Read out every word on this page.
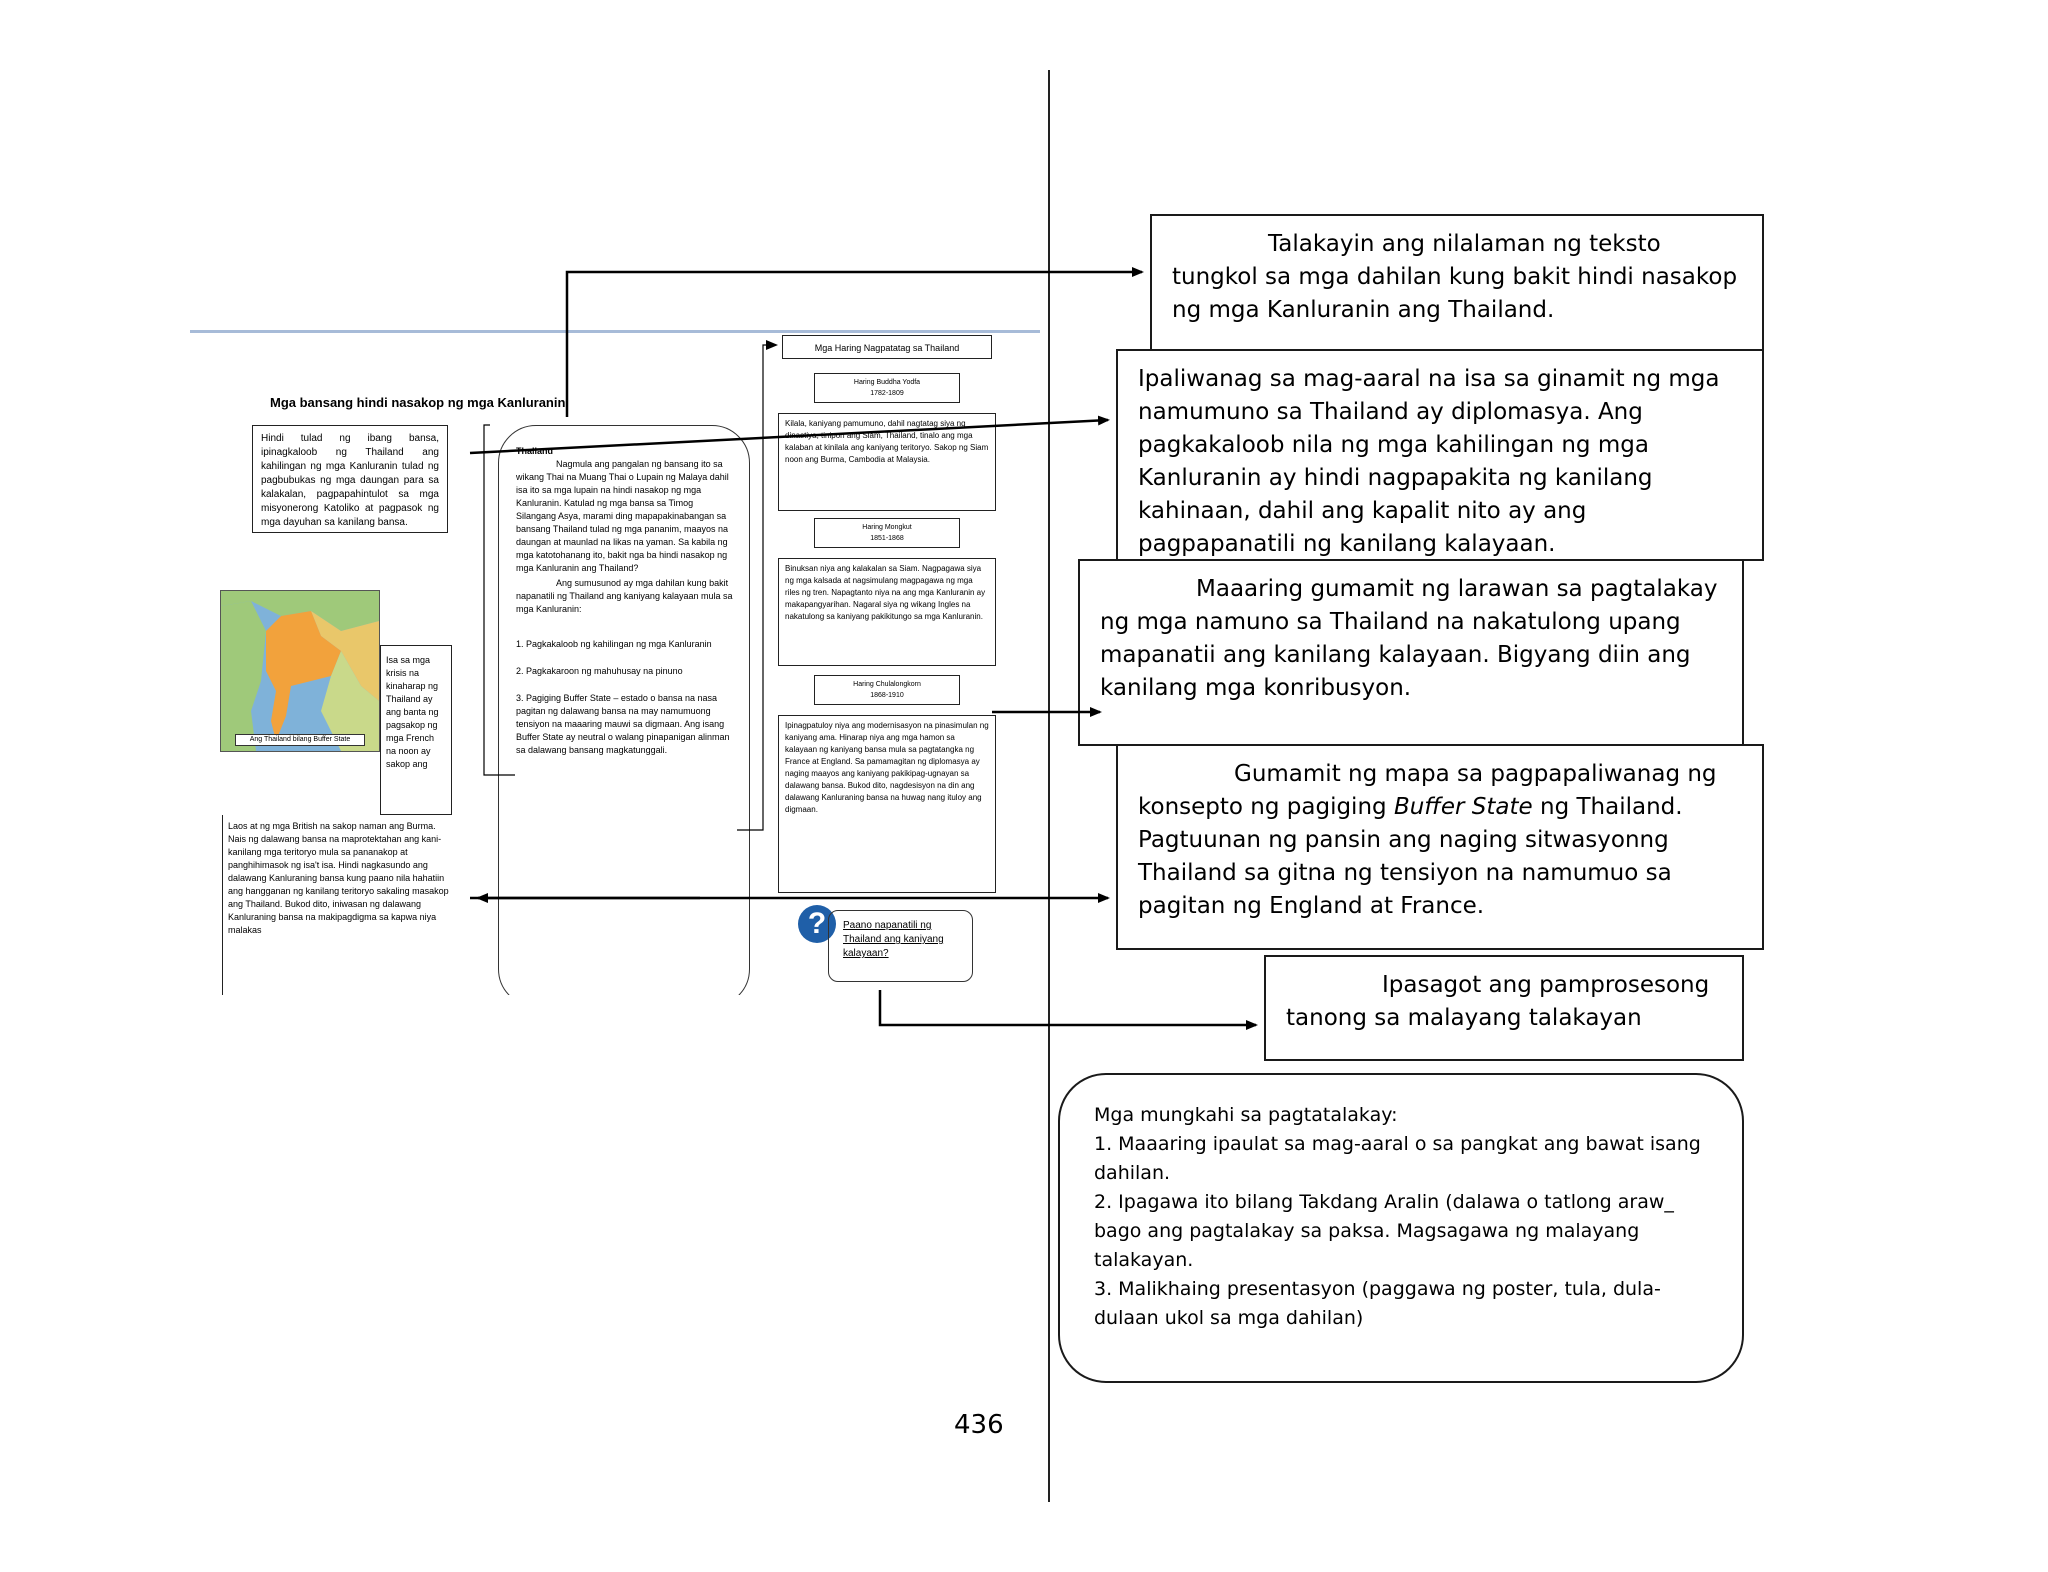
Mga bansang hindi nasakop ng mga Kanluranin
Hindi tulad ng ibang bansa, ipinagkaloob ng Thailand ang kahilingan ng mga Kanluranin tulad ng pagbubukas ng mga daungan para sa kalakalan, pagpapahintulot sa mga misyonerong Katoliko at pagpasok ng mga dayuhan sa kanilang bansa.
Thailand
Nagmula ang pangalan ng bansang ito sa wikang Thai na Muang Thai o Lupain ng Malaya dahil isa ito sa mga lupain na hindi nasakop ng mga Kanluranin. Katulad ng mga bansa sa Timog Silangang Asya, marami ding mapapakinabangan sa bansang Thailand tulad ng mga pananim, maayos na daungan at maunlad na likas na yaman. Sa kabila ng mga katotohanang ito, bakit nga ba hindi nasakop ng mga Kanluranin ang Thailand?
Ang sumusunod ay mga dahilan kung bakit napanatili ng Thailand ang kaniyang kalayaan mula sa mga Kanluranin:
1. Pagkakaloob ng kahilingan ng mga Kanluranin
2. Pagkakaroon ng mahuhusay na pinuno
3. Pagiging Buffer State – estado o bansa na nasa pagitan ng dalawang bansa na may namumuong tensiyon na maaaring mauwi sa digmaan. Ang isang Buffer State ay neutral o walang pinapanigan alinman sa dalawang bansang magkatunggali.
Ang Thailand bilang Buffer State
Isa sa mga krisis na kinaharap ng Thailand ay ang banta ng pagsakop ng mga French na noon ay sakop ang
Laos at ng mga British na sakop naman ang Burma. Nais ng dalawang bansa na maprotektahan ang kani-kanilang mga teritoryo mula sa pananakop at panghihimasok ng isa't isa. Hindi nagkasundo ang dalawang Kanluraning bansa kung paano nila hahatiin ang hangganan ng kanilang teritoryo sakaling masakop ang Thailand. Bukod dito, iniwasan ng dalawang Kanluraning bansa na makipagdigma sa kapwa niya malakas
Mga Haring Nagpatatag sa Thailand
Haring Buddha Yodfa
1782-1809
Kilala, kaniyang pamumuno, dahil nagtatag siya ng dinastiya, tinipon ang Siam, Thailand, tinalo ang mga kalaban at kinilala ang kaniyang teritoryo. Sakop ng Siam noon ang Burma, Cambodia at Malaysia.
Haring Mongkut
1851-1868
Binuksan niya ang kalakalan sa Siam. Nagpagawa siya ng mga kalsada at nagsimulang magpagawa ng mga riles ng tren. Napagtanto niya na ang mga Kanluranin ay makapangyarihan. Nagaral siya ng wikang Ingles na nakatulong sa kaniyang pakikitungo sa mga Kanluranin.
Haring Chulalongkorn
1868-1910
Ipinagpatuloy niya ang modernisasyon na pinasimulan ng kaniyang ama. Hinarap niya ang mga hamon sa kalayaan ng kaniyang bansa mula sa pagtatangka ng France at England. Sa pamamagitan ng diplomasya ay naging maayos ang kaniyang pakikipag-ugnayan sa dalawang bansa. Bukod dito, nagdesisyon na din ang dalawang Kanluraning bansa na huwag nang ituloy ang digmaan.
?	Paano napanatili ng Thailand ang kaniyang kalayaan?
Talakayin ang nilalaman ng teksto tungkol sa mga dahilan kung bakit hindi nasakop ng mga Kanluranin ang Thailand.
Ipaliwanag sa mag-aaral na isa sa ginamit ng mga namumuno sa Thailand ay diplomasya. Ang pagkakaloob nila ng mga kahilingan ng mga Kanluranin ay hindi nagpapakita ng kanilang kahinaan, dahil ang kapalit nito ay ang pagpapanatili ng kanilang kalayaan.
Maaaring gumamit ng larawan sa pagtalakay ng mga namuno sa Thailand na nakatulong upang mapanatii ang kanilang kalayaan. Bigyang diin ang kanilang mga konribusyon.
Gumamit ng mapa sa pagpapaliwanag ng konsepto ng pagiging Buffer State ng Thailand. Pagtuunan ng pansin ang naging sitwasyonng Thailand sa gitna ng tensiyon na namumuo sa pagitan ng England at France.
Ipasagot ang pamprosesong tanong sa malayang talakayan
Mga mungkahi sa pagtatalakay:
1. Maaaring ipaulat sa mag-aaral o sa pangkat ang bawat isang dahilan.
2. Ipagawa ito bilang Takdang Aralin (dalawa o tatlong araw_ bago ang pagtalakay sa paksa. Magsagawa ng malayang talakayan.
3. Malikhaing presentasyon (paggawa ng poster, tula, dula-dulaan ukol sa mga dahilan)
436
